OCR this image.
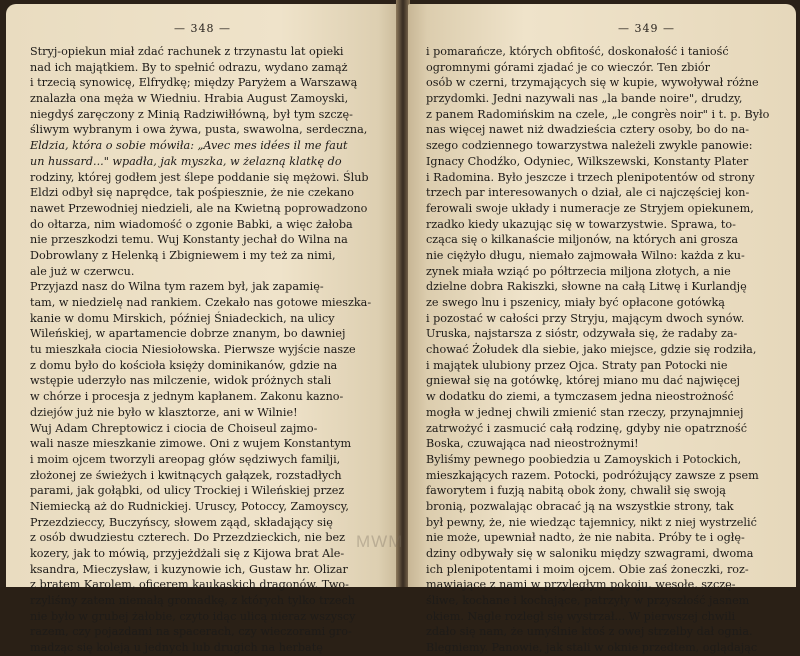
— 348 —
Stryj-opiekun miał zdać rachunek z trzynastu lat opieki
nad ich majątkiem. By to spełnić odrazu, wydano zamąż
i trzecią synowicę, Elfrydkę; między Paryżem a Warszawą
znalazła ona męża w Wiedniu. Hrabia August Zamoyski,
niegdyś zaręczony z Minią Radziwiłłówną, był tym szczę-
śliwym wybranym i owa żywa, pusta, swawolna, serdeczna,
Eldzia, która o sobie mówiła: „Avec mes idées il me faut
un hussard..." wpadła, jak myszka, w żelazną klatkę do
rodziny, której godłem jest ślepe poddanie się mężowi. Ślub
Eldzi odbył się naprędce, tak pośpiesznie, że nie czekano
nawet Przewodniej niedzieli, ale na Kwietną poprowadzono
do ołtarza, nim wiadomość o zgonie Babki, a więc żałoba
nie przeszkodzi temu. Wuj Konstanty jechał do Wilna na
Dobrowlany z Helenką i Zbigniewem i my też za nimi,
ale już w czerwcu.
Przyjazd nasz do Wilna tym razem był, jak zapamię-
tam, w niedzielę nad rankiem. Czekało nas gotowe mieszka-
kanie w domu Mirskich, później Śniadeckich, na ulicy
Wileńskiej, w apartamencie dobrze znanym, bo dawniej
tu mieszkała ciocia Niesiołowska. Pierwsze wyjście nasze
z domu było do kościoła księży dominikanów, gdzie na
wstępie uderzyło nas milczenie, widok próżnych stali
w chórze i procesja z jednym kapłanem. Zakonu kazno-
dziejów już nie było w klasztorze, ani w Wilnie!
Wuj Adam Chreptowicz i ciocia de Choiseul zajmo-
wali nasze mieszkanie zimowe. Oni z wujem Konstantym
i moim ojcem tworzyli areopag głów sędziwych familji,
złożonej ze świeżych i kwitnących gałązek, rozstadłych
parami, jak gołąbki, od ulicy Trockiej i Wileńskiej przez
Niemiecką aż do Rudnickiej. Uruscy, Potoccy, Zamoyscy,
Przezdzieccy, Buczyńscy, słowem ząąd, składający się
z osób dwudziestu czterech. Do Przezdzieckich, nie bez
kozery, jak to mówią, przyjeżdżali się z Kijowa brat Ale-
ksandra, Mieczysław, i kuzynowie ich, Gustaw hr. Olizar
z bratem Karolem, oficerem kaukaskich dragonów. Two-
rzyliśmy zatem niemałą gromadkę, z których tylko trzech
nie było w grubej żałobie, czyto idąc ulicą nieraz wszyscy
razem, czy pojazdami na spacerach, czy wieczorami gro-
madząc się koleją u jednych lub drugich na herbatę
— 349 —
i pomarańcze, których obfitość, doskonałość i taniość
ogromnymi górami zjadać je co wieczór. Ten zbiór
osób w czerni, trzymających się w kupie, wywoływał różne
przydomki. Jedni nazywali nas „la bande noire", drudzy,
z panem Radomińskim na czele, „le congrès noir" i t. p. Było
nas więcej nawet niż dwadzieścia cztery osoby, bo do na-
szego codziennego towarzystwa należeli zwykle panowie:
Ignacy Chodźko, Odyniec, Wilkszewski, Konstanty Plater
i Radomina. Było jeszcze i trzech plenipotentów od strony
trzech par interesowanych o dział, ale ci najczęściej kon-
ferowali swoje układy i numeracje ze Stryjem opiekunem,
rzadko kiedy ukazując się w towarzystwie. Sprawa, to-
cząca się o kilkanaście miljonów, na których ani grosza
nie ciężyło długu, niemało zajmowała Wilno: każda z ku-
zynek miała wziąć po półtrzecia miljona złotych, a nie
dzielne dobra Rakiszki, słowne na całą Litwę i Kurlandję
ze swego lnu i pszenicy, miały być opłacone gotówką
i pozostać w całości przy Stryju, mającym dwoch synów.
Uruska, najstarsza z sióstr, odzywała się, że radaby za-
chować Żołudek dla siebie, jako miejsce, gdzie się rodziła,
i majątek ulubiony przez Ojca. Straty pan Potocki nie
gniewał się na gotówkę, której miano mu dać najwięcej
w dodatku do ziemi, a tymczasem jedna nieostrożność
mogła w jednej chwili zmienić stan rzeczy, przynajmniej
zatrwożyć i zasmucić całą rodzinę, gdyby nie opatrzność
Boska, czuwająca nad nieostrożnymi!
Byliśmy pewnego poobiedzia u Zamoyskich i Potockich,
mieszkających razem. Potocki, podróżujący zawsze z psem
faworytem i fuzją nabitą obok żony, chwalił się swoją
bronią, pozwalając obracać ją na wszystkie strony, tak
był pewny, że, nie wiedząc tajemnicy, nikt z niej wystrzelić
nie może, upewniał nadto, że nie nabita. Próby te i ogłę-
dziny odbywały się w saloniku między szwagrami, dwoma
ich plenipotentami i moim ojcem. Obie zaś żoneczki, roz-
mawiające z nami w przyległym pokoju, wesołe, szczę-
śliwe, kochane i kochające, patrzyły w przyszłość jasnem
okiem. Nagle rozległ się wystrzał... W pierwszej chwili
zdało się nam, że umyślnie ktoś z owej strzelby dał ognia.
Blegniemy. Panowie, jak stali w oknie przedtem, oglądając
MWM
